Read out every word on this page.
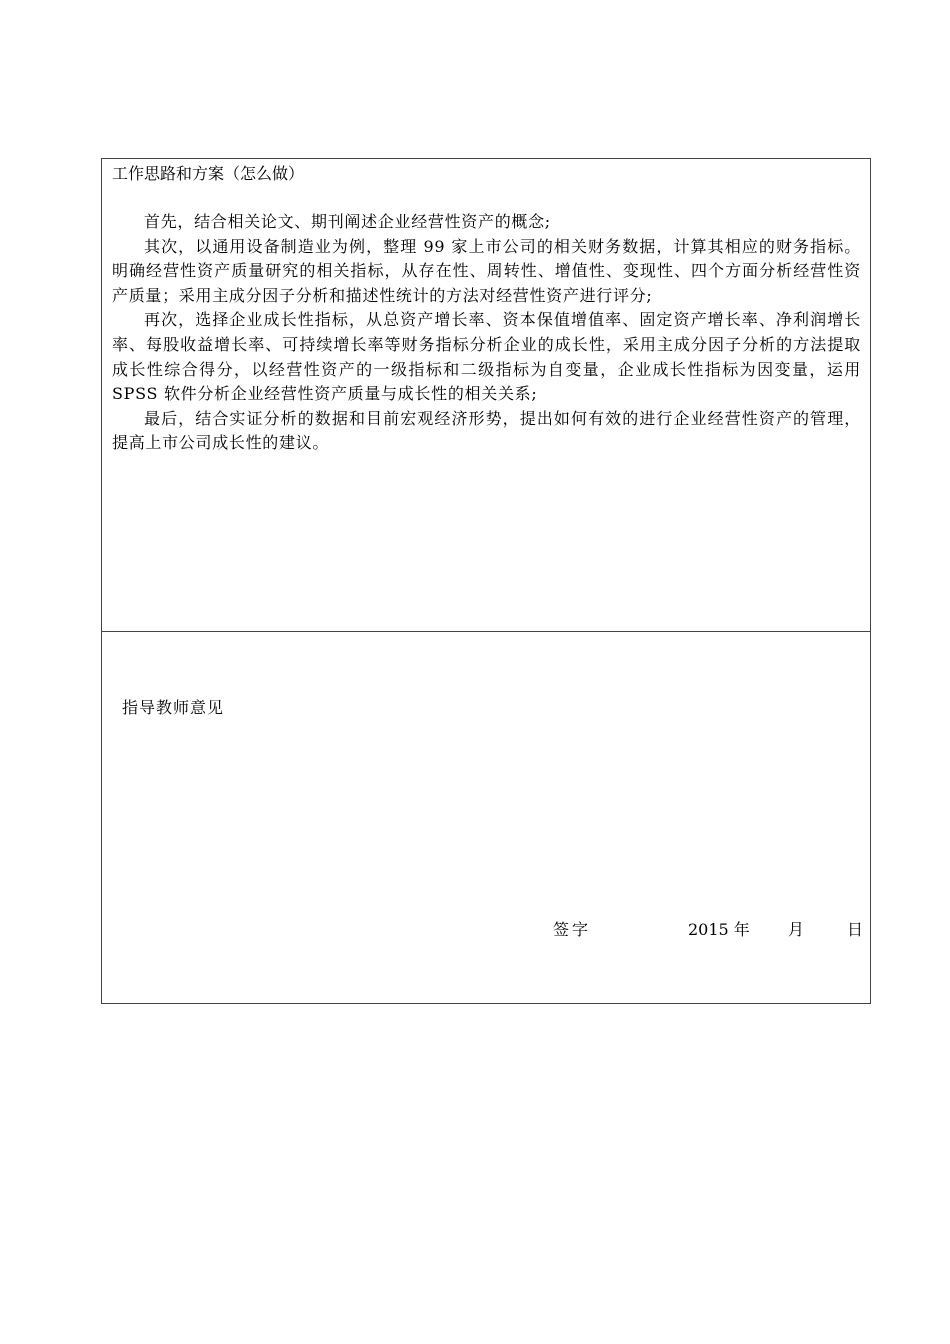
工作思路和方案（怎么做）

首先，结合相关论文、期刊阐述企业经营性资产的概念;

其次，以通用设备制造业为例，整理 99 家上市公司的相关财务数据，计算其相应的财务指标。明确经营性资产质量研究的相关指标，从存在性、周转性、增值性、变现性、四个方面分析经营性资产质量；采用主成分因子分析和描述性统计的方法对经营性资产进行评分;

再次，选择企业成长性指标，从总资产增长率、资本保值增值率、固定资产增长率、净利润增长率、每股收益增长率、可持续增长率等财务指标分析企业的成长性，采用主成分因子分析的方法提取成长性综合得分，以经营性资产的一级指标和二级指标为自变量，企业成长性指标为因变量，运用 SPSS 软件分析企业经营性资产质量与成长性的相关关系;

最后，结合实证分析的数据和目前宏观经济形势，提出如何有效的进行企业经营性资产的管理，提高上市公司成长性的建议。

指导教师意见
签字	2015 年 月	日
